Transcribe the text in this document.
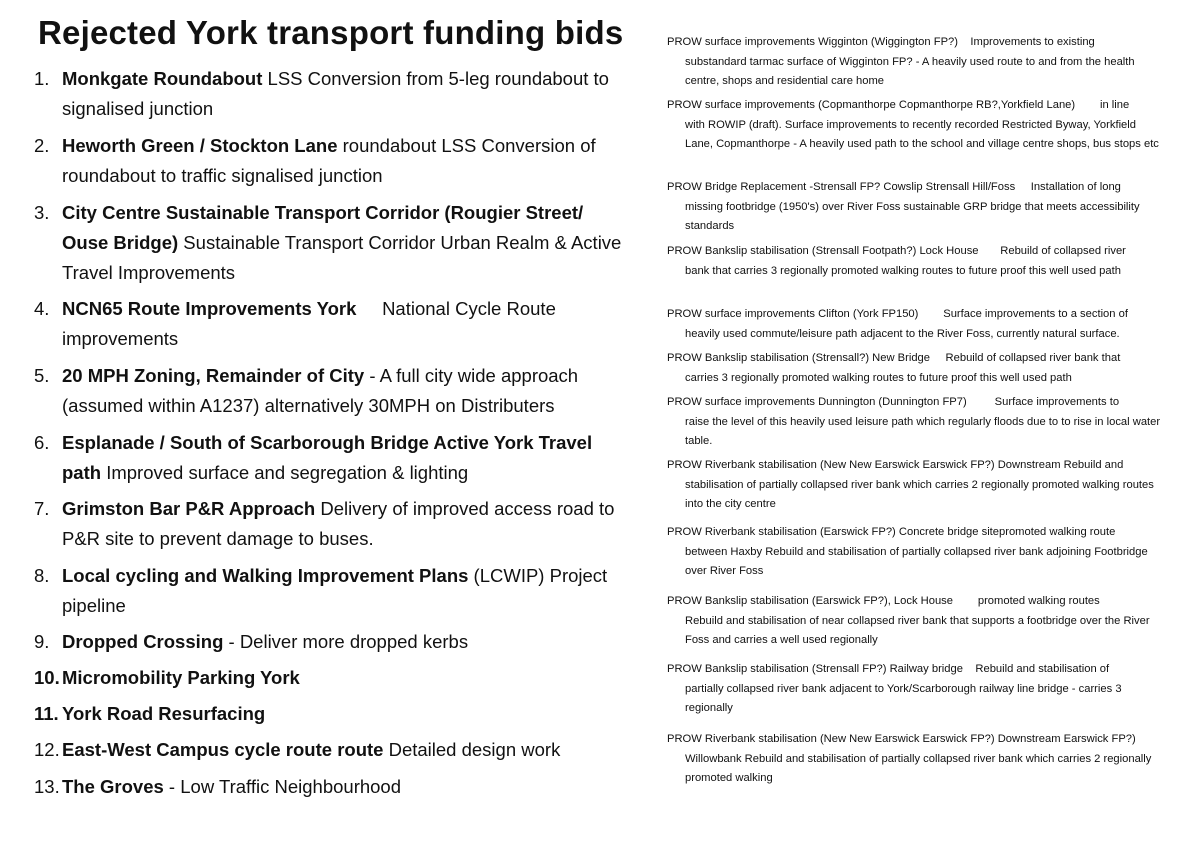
Rejected York transport funding bids
1. Monkgate Roundabout LSS Conversion from 5-leg roundabout to signalised junction
2. Heworth Green / Stockton Lane roundabout LSS Conversion of roundabout to traffic signalised junction
3. City Centre Sustainable Transport Corridor (Rougier Street/ Ouse Bridge) Sustainable Transport Corridor Urban Realm & Active Travel Improvements
4. NCN65 Route Improvements York     National Cycle Route improvements
5. 20 MPH Zoning, Remainder of City - A full city wide approach (assumed within A1237) alternatively 30MPH on Distributers
6. Esplanade / South of Scarborough Bridge Active York Travel path Improved surface and segregation & lighting
7. Grimston Bar P&R Approach Delivery of improved access road to P&R site to prevent damage to buses.
8. Local cycling and Walking Improvement Plans (LCWIP) Project pipeline
9. Dropped Crossing - Deliver more dropped kerbs
10. Micromobility Parking York
11. York Road Resurfacing
12. East-West Campus cycle route route Detailed design work
13. The Groves - Low Traffic Neighbourhood
PROW surface improvements Wigginton (Wiggington FP?)    Improvements to existing
substandard tarmac surface of Wigginton FP? - A heavily used route to and from the health centre, shops and residential care home
PROW surface improvements (Copmanthorpe Copmanthorpe RB?,Yorkfield Lane)        in line
with ROWIP (draft). Surface improvements to recently recorded Restricted Byway, Yorkfield Lane, Copmanthorpe - A heavily used path to the school and village centre shops, bus stops etc
PROW Bridge Replacement -Strensall FP? Cowslip Strensall Hill/Foss     Installation of long
missing footbridge (1950's) over River Foss sustainable GRP bridge that meets accessibility standards
PROW Bankslip stabilisation (Strensall Footpath?) Lock House       Rebuild of collapsed river
bank that carries 3 regionally promoted walking routes to future proof this well used path
PROW surface improvements Clifton (York FP150)        Surface improvements to a section of
heavily used commute/leisure path adjacent to the River Foss, currently natural surface.
PROW Bankslip stabilisation (Strensall?) New Bridge     Rebuild of collapsed river bank that
carries 3 regionally promoted walking routes to future proof this well used path
PROW surface improvements Dunnington (Dunnington FP7)         Surface improvements to
raise the level of this heavily used leisure path which regularly floods due to to rise in local water table.
PROW Riverbank stabilisation (New New Earswick Earswick FP?) Downstream Rebuild and
stabilisation of partially collapsed river bank which carries 2 regionally promoted walking routes into the city centre
PROW Riverbank stabilisation (Earswick FP?) Concrete bridge sitepromoted walking route
between Haxby Rebuild and stabilisation of partially collapsed river bank adjoining Footbridge over River Foss
PROW Bankslip stabilisation (Earswick FP?), Lock House        promoted walking routes
Rebuild and stabilisation of near collapsed river bank that supports a footbridge over the River Foss and carries a well used regionally
PROW Bankslip stabilisation (Strensall FP?) Railway bridge    Rebuild and stabilisation of
partially collapsed river bank adjacent to York/Scarborough railway line bridge - carries 3 regionally
PROW Riverbank stabilisation (New New Earswick Earswick FP?) Downstream Earswick FP?)
Willowbank Rebuild and stabilisation of partially collapsed river bank which carries 2 regionally promoted walking
